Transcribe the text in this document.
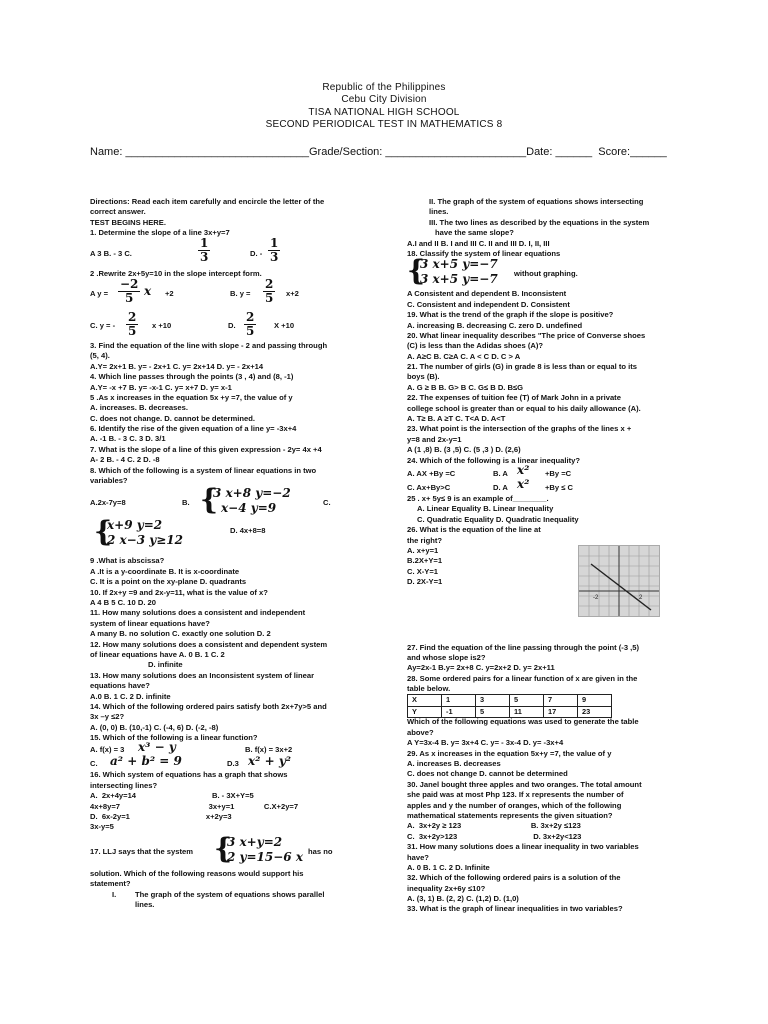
Republic of the Philippines
Cebu City Division
TISA NATIONAL HIGH SCHOOL
SECOND PERIODICAL TEST IN MATHEMATICS 8
Name: ______________________________Grade/Section: _______________________Date: ______  Score:______
Directions: Read each item carefully and encircle the letter of the
correct answer.
TEST BEGINS HERE.
1. Determine the slope of a line 3x+y=7
A 3 B. - 3 C.	$\frac{1}{3}$	D. - $\frac{1}{3}$
2 .Rewrite 2x+5y=10 in the slope intercept form.
A $y = \frac{-2}{5}$ x +2	B. $y = \frac{2}{5} x+2$
C. y = - $\frac{2}{5}$ x +10	D. $\frac{2}{5}$ X +10
3. Find the equation of the line with slope - 2 and passing through
(5, 4).
A.Y= 2x+1 B. y= - 2x+1 C. y= 2x+14 D. y= - 2x+14
4. Which line passes through the points (3 , 4) and (8, -1)
A.Y= -x +7 B. y= -x-1 C. y= x+7 D. y= x-1
5 .As x increases in the equation 5x +y =7, the value of y
A. increases. B. decreases.
C. does not change. D. cannot be determined.
6. Identify the rise of the given equation of a line y= -3x+4
A. -1 B. - 3 C. 3 D. 3/1
7. What is the slope of a line of this given expression - 2y= 4x +4
A- 2 B. - 4 C. 2 D. -8
8. Which of the following is a system of linear equations in two
variables?
A.2x-7y=8	B. {
3 x+8 y=−2
x−4 y=9	C.
{
x+9 y=2
2 x−3 y≥12
D. 4x+8=8
9 .What is abscissa?
A .It is a y-coordinate B. It is x-coordinate
C. It is a point on the xy-plane D. quadrants
10. If 2x+y =9 and 2x-y=11, what is the value of x?
A 4 B 5 C. 10 D. 20
11. How many solutions does a consistent and independent
system of linear equations have?
A many B. no solution C. exactly one solution D. 2
12. How many solutions does a consistent and dependent system
of linear equations have A. 0 B. 1 C. 2
D. infinite
13. How many solutions does an Inconsistent system of linear
equations have?
A.0 B. 1 C. 2 D. infinite
14. Which of the following ordered pairs satisfy both 2x+7y>5 and
3x –y ≤2?
A. (0, 0) B. (10,-1) C. (-4, 6) D. (-2, -8)
15. Which of the following is a linear function?
A. f(x) = 3 x³ − y	B. f(x) = 3x+2
C. a² + b² = 9	D.3 x² + y²
16. Which system of equations has a graph that shows
intersecting lines?
A.  2x+4y=14                                    B. - 3X+Y=5
4x+8y=7                                          3x+y=1              C.X+2y=7
D.  6x-2y=1                                    x+2y=3
3x-y=5
17. LLJ says that the system {
3 x+y=2
2 y=15−6 x has no
solution. Which of the following reasons would support his
statement?
I. The graph of the system of equations shows parallel
lines.
II. The graph of the system of equations shows intersecting
lines.
III. The two lines as described by the equations in the system
have the same slope?
A.I and II B. I and III C. II and III D. I, II, III
18. Classify the system of linear equations
{
3 x+5 y=−7
3 x+5 y=−7 without graphing.
A Consistent and dependent B. Inconsistent
C. Consistent and independent D. Consistent
19. What is the trend of the graph if the slope is positive?
A. increasing B. decreasing C. zero D. undefined
20. What linear inequality describes "The price of Converse shoes
(C) is less than the Adidas shoes (A)?
A. A≥C B. C≥A C. A < C D. C > A
21. The number of girls (G) in grade 8 is less than or equal to its
boys (B).
A. G ≥ B B. G> B C. G≤ B D. B≤G
22. The expenses of tuition fee (T) of Mark John in a private
college school is greater than or equal to his daily allowance (A).
A. T≥ B. A ≥T C. T<A D. A<T
23. What point is the intersection of the graphs of the lines x +
y=8 and 2x-y=1
A (1 ,8) B. (3 ,5) C. (5 ,3 ) D. (2,6)
24. Which of the following is a linear inequality?
A. AX +By =C	B. A x² +By =C
C. Ax+By>C	D. A x² +By ≤ C
25 . x+ 5y≤ 9 is an example of________.
A. Linear Equality B. Linear Inequality
C. Quadratic Equality D. Quadratic Inequality
26. What is the equation of the line at
the right?
A. x+y=1
B.2X+Y=1
C. X-Y=1
D. 2X-Y=1
27. Find the equation of the line passing through the point (-3 ,5)
and whose slope is2?
Ay=2x-1 B.y= 2x+8 C. y=2x+2 D. y= 2x+11
28. Some ordered pairs for a linear function of x are given in the
table below.
X	1	3	5	7	9
Y	-1	5	11	17	23
Which of the following equations was used to generate the table
above?
A Y=3x-4 B. y= 3x+4 C. y= - 3x-4 D. y= -3x+4
29. As x increases in the equation 5x+y =7, the value of y
A. increases B. decreases
C. does not change D. cannot be determined
30. Janel bought three apples and two oranges. The total amount
she paid was at most Php 123. If x represents the number of
apples and y the number of oranges, which of the following
mathematical statements represents the given situation?
A.  3x+2y ≥ 123                                 B. 3x+2y ≤123
C.  3x+2y>123                                    D. 3x+2y<123
31. How many solutions does a linear inequality in two variables
have?
A. 0 B. 1 C. 2 D. Infinite
32. Which of the following ordered pairs is a solution of the
inequality 2x+6y ≤10?
A. (3, 1) B. (2, 2) C. (1,2) D. (1,0)
33. What is the graph of linear inequalities in two variables?
-2	2
